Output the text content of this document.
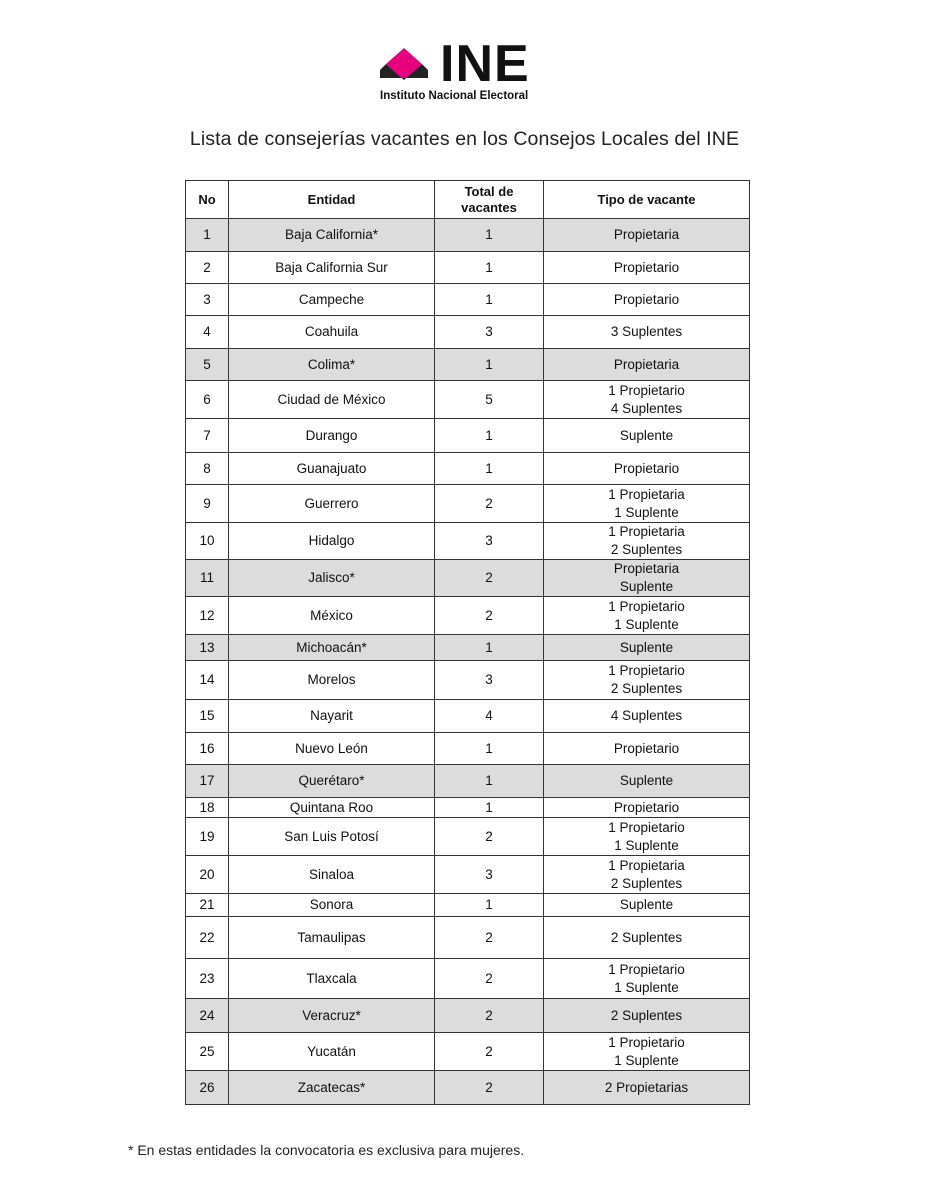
INE
Instituto Nacional Electoral
Lista de consejerías vacantes en los Consejos Locales del INE
No	Entidad	Total de vacantes	Tipo de vacante
1	Baja California*	1	Propietaria

2	Baja California Sur	1	Propietario

3	Campeche	1	Propietario

4	Coahuila	3	3 Suplentes

5	Colima*	1	Propietaria

6	Ciudad de México	5	1 Propietario
4 Suplentes

7	Durango	1	Suplente

8	Guanajuato	1	Propietario

9	Guerrero	2	1 Propietaria
1 Suplente

10	Hidalgo	3	1 Propietaria
2 Suplentes

11	Jalisco*	2	Propietaria
Suplente

12	México	2	1 Propietario
1 Suplente

13	Michoacán*	1	Suplente

14	Morelos	3	1 Propietario
2 Suplentes

15	Nayarit	4	4 Suplentes

16	Nuevo León	1	Propietario

17	Querétaro*	1	Suplente

18	Quintana Roo	1	Propietario

19	San Luis Potosí	2	1 Propietario
1 Suplente

20	Sinaloa	3	1 Propietaria
2 Suplentes

21	Sonora	1	Suplente

22	Tamaulipas	2	2 Suplentes

23	Tlaxcala	2	1 Propietario
1 Suplente

24	Veracruz*	2	2 Suplentes

25	Yucatán	2	1 Propietario
1 Suplente

26	Zacatecas*	2	2 Propietarias
* En estas entidades la convocatoria es exclusiva para mujeres.
